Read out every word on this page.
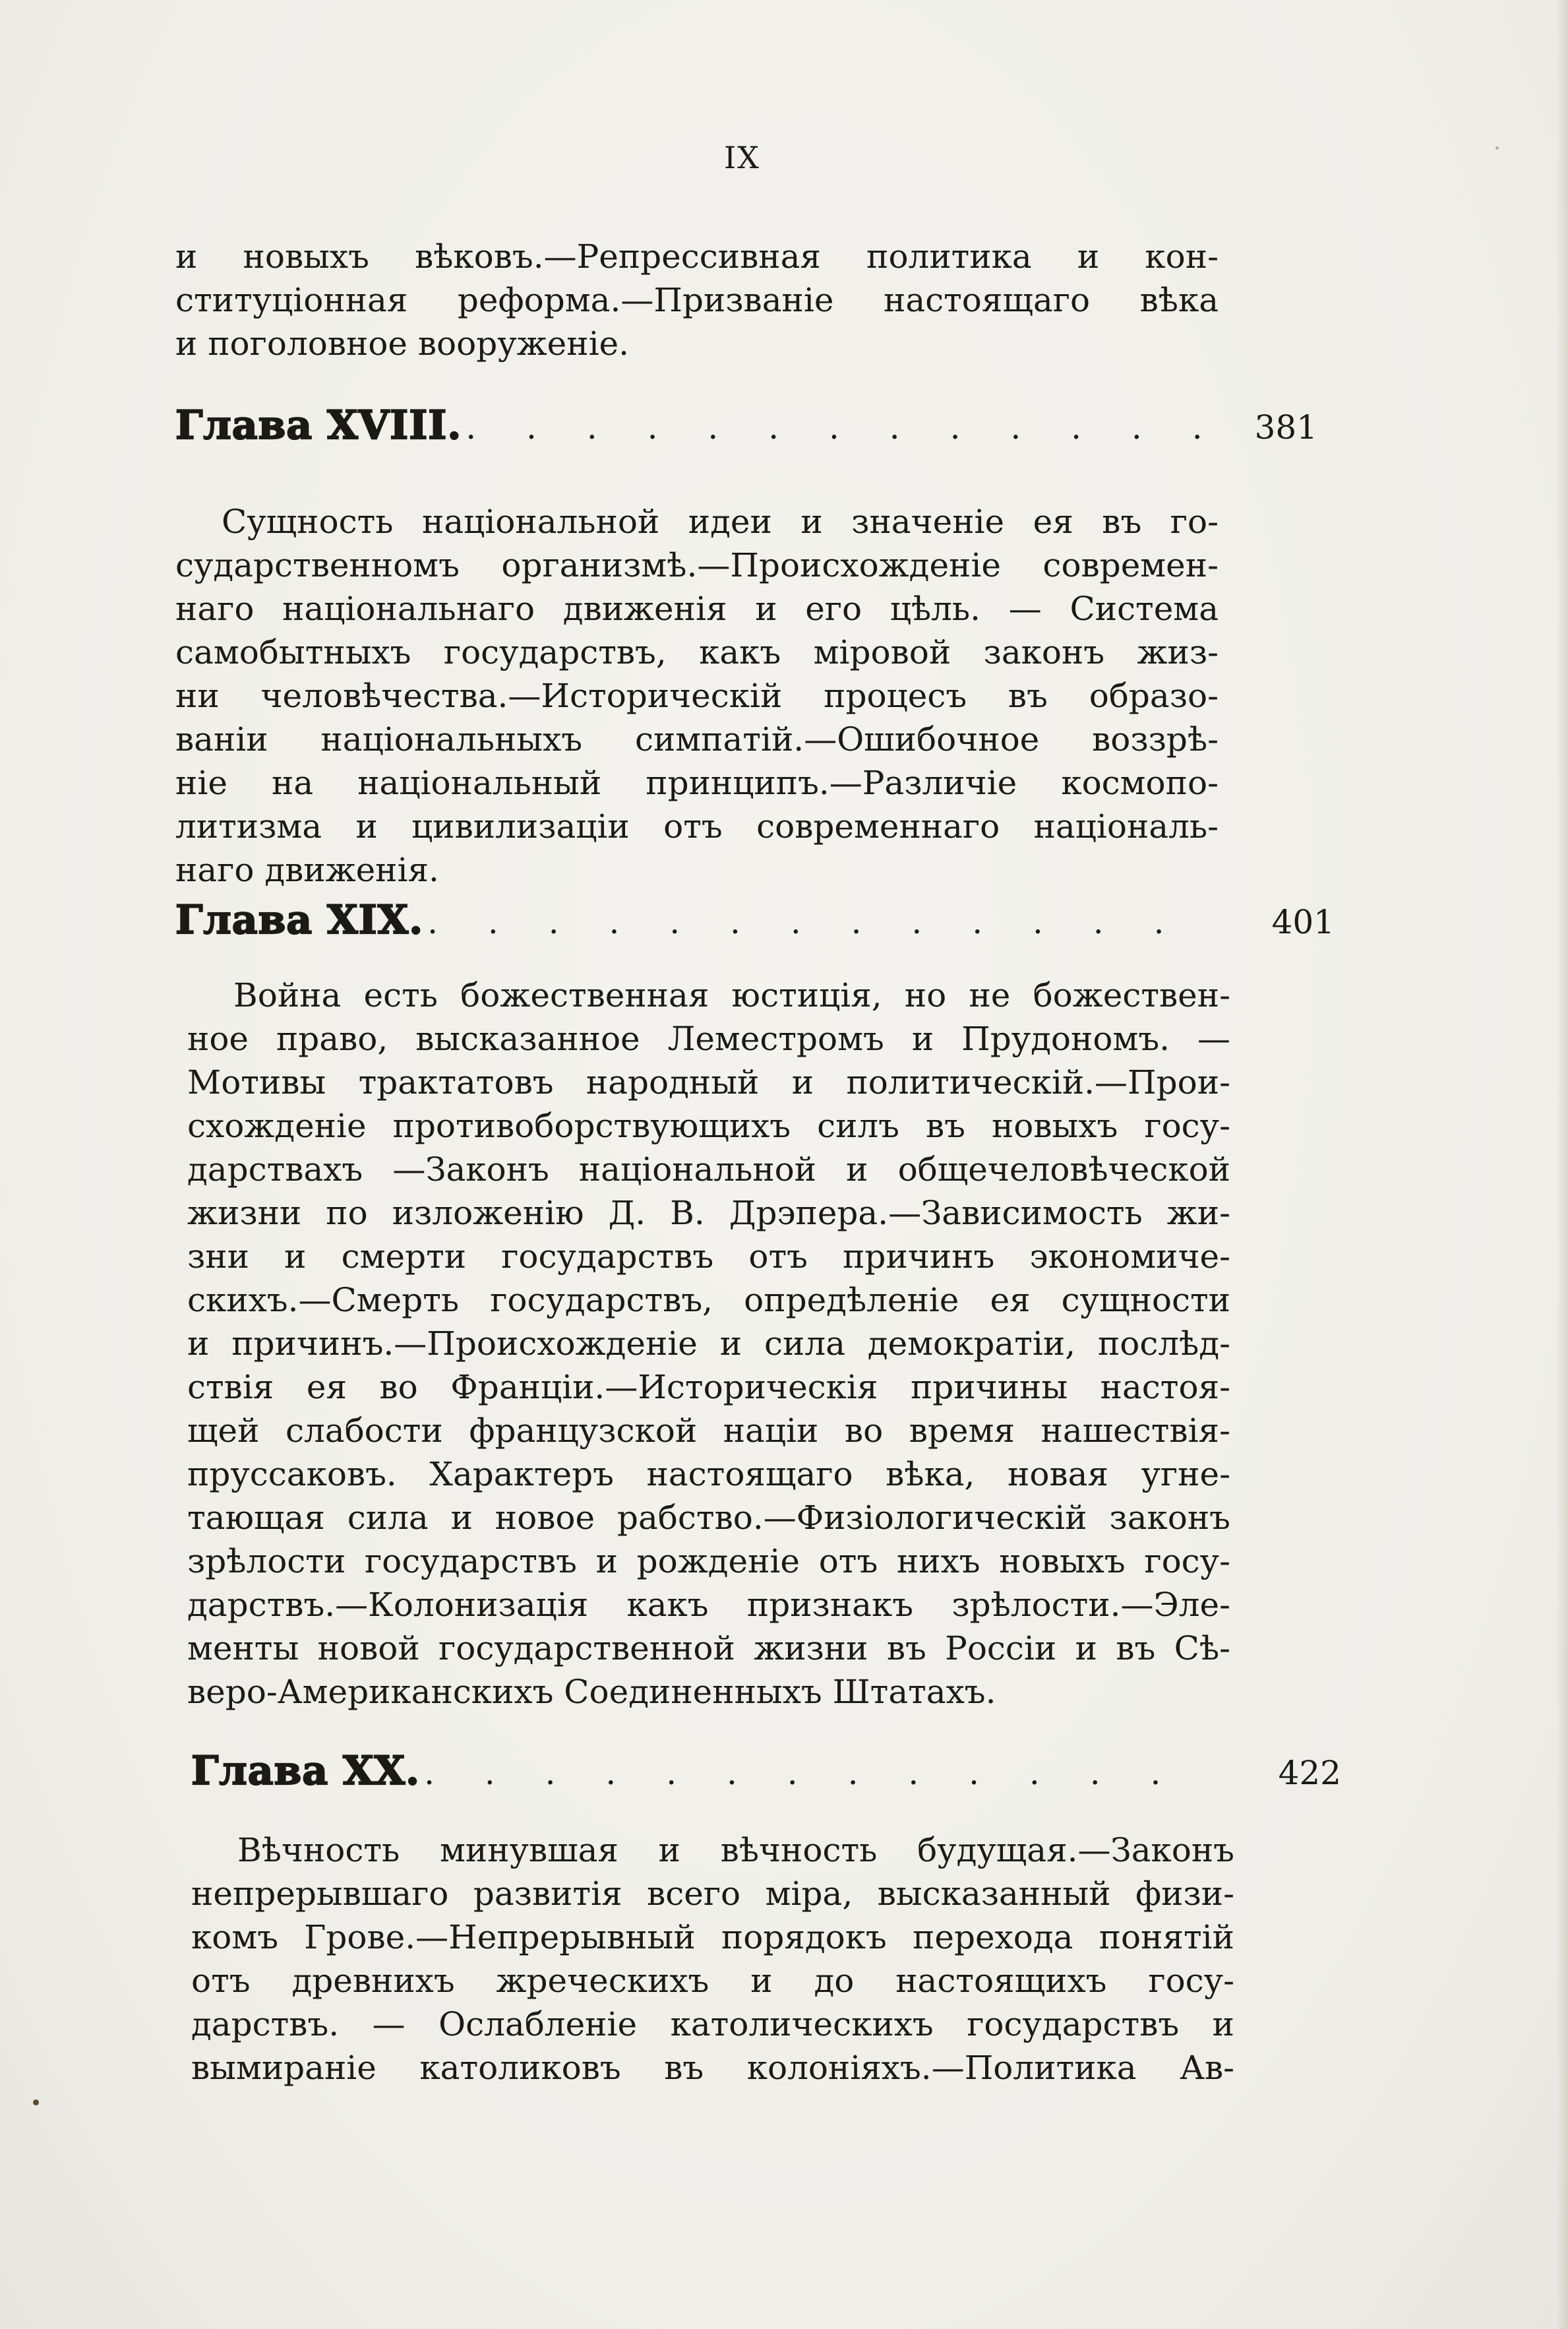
IX
и новыхъ вѣковъ.—Репрессивная политика и кон-
ституціонная реформа.—Призваніе настоящаго вѣка
и поголовное вооруженіе.
Глава XVIII. . . . . . . . . . . . . . 381
Сущность національной идеи и значеніе ея въ го-
сударственномъ организмѣ.—Происхожденіе современ-
наго національнаго движенія и его цѣль. — Система
самобытныхъ государствъ, какъ міровой законъ жиз-
ни человѣчества.—Историческій процесъ въ образо-
ваніи національныхъ симпатій.—Ошибочное воззрѣ-
ніе на національный принципъ.—Различіе космопо-
литизма и цивилизаціи отъ современнаго національ-
наго движенія.
Глава XIX. . . . . . . . . . . . . .	401
Война есть божественная юстиція, но не божествен-
ное право, высказанное Леместромъ и Прудономъ. —
Мотивы трактатовъ народный и политическій.—Прои-
схожденіе противоборствующихъ силъ въ новыхъ госу-
дарствахъ —Законъ національной и общечеловѣческой
жизни по изложенію Д. В. Дрэпера.—Зависимость жи-
зни и смерти государствъ отъ причинъ экономиче-
скихъ.—Смерть государствъ, опредѣленіе ея сущности
и причинъ.—Происхожденіе и сила демократіи, послѣд-
ствія ея во Франціи.—Историческія причины настоя-
щей слабости французской націи во время нашествія-
пруссаковъ. Характеръ настоящаго вѣка, новая угне-
тающая сила и новое рабство.—Физіологическій законъ
зрѣлости государствъ и рожденіе отъ нихъ новыхъ госу-
дарствъ.—Колонизація какъ признакъ зрѣлости.—Эле-
менты новой государственной жизни въ Россіи и въ Сѣ-
веро-Американскихъ Соединенныхъ Штатахъ.
Глава XX. . . . . . . . . . . . . .	422
Вѣчность минувшая и вѣчность будущая.—Законъ
непрерывшаго развитія всего міра, высказанный физи-
комъ Грове.—Непрерывный порядокъ перехода понятій
отъ древнихъ жреческихъ и до настоящихъ госу-
дарствъ. — Ослабленіе католическихъ государствъ и
вымираніе католиковъ въ колоніяхъ.—Политика Ав-
